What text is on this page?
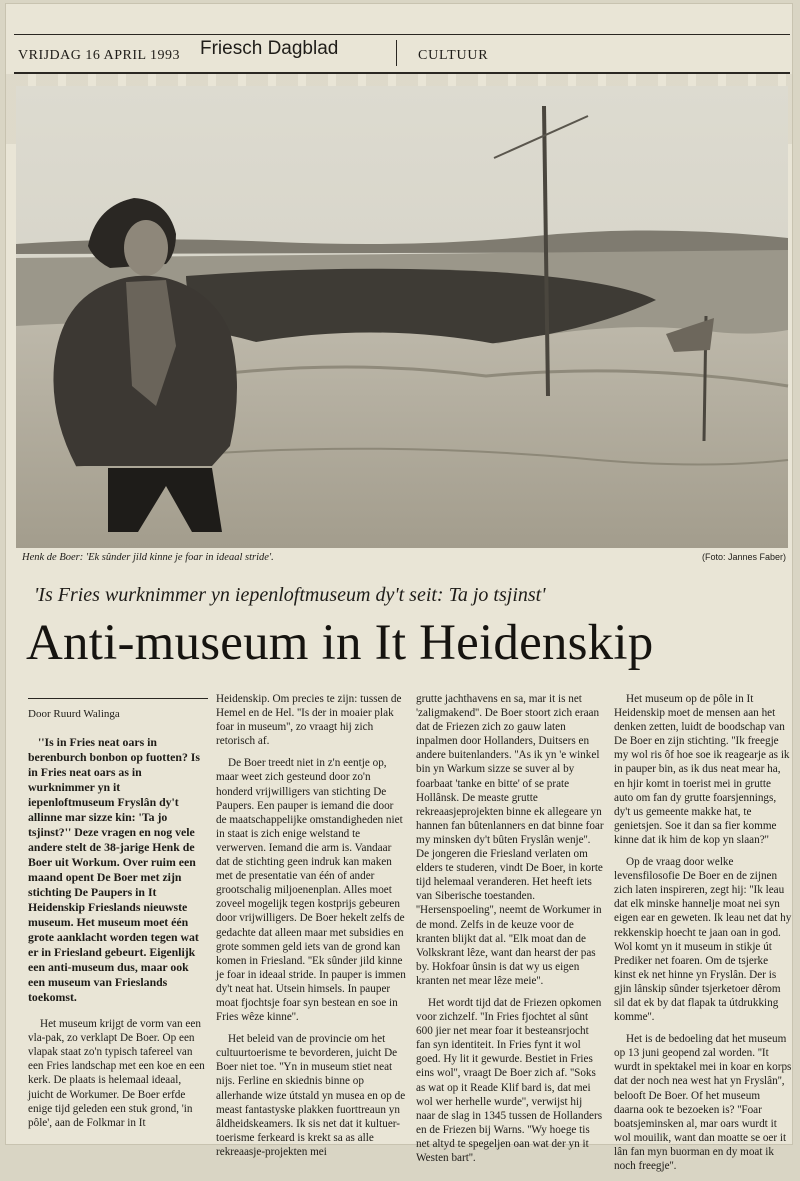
VRIJDAG 16 APRIL 1993 Friesch Dagblad	CULTUUR
Henk de Boer: 'Ek sûnder jild kinne je foar in ideaal stride'.	(Foto: Jannes Faber)
'Is Fries wurknimmer yn iepenloftmuseum dy't seit: Ta jo tsjinst'
Anti-museum in It Heidenskip
Door Ruurd Walinga

''Is in Fries neat oars in berenburch bonbon op fuotten? Is in Fries neat oars as in wurknimmer yn it iepenloftmuseum Fryslân dy't allinne mar sizze kin: 'Ta jo tsjinst?'' Deze vragen en nog vele andere stelt de 38-jarige Henk de Boer uit Workum. Over ruim een maand opent De Boer met zijn stichting De Paupers in It Heidenskip Frieslands nieuwste museum. Het museum moet één grote aanklacht worden tegen wat er in Friesland gebeurt. Eigenlijk een anti-museum dus, maar ook een museum van Frieslands toekomst.

Het museum krijgt de vorm van een vla-pak, zo verklapt De Boer. Op een vlapak staat zo'n typisch tafereel van een Fries landschap met een koe en een kerk. De plaats is helemaal ideaal, juicht de Workumer. De Boer erfde enige tijd geleden een stuk grond, 'in pôle', aan de Folkmar in It

Heidenskip. Om precies te zijn: tussen de Hemel en de Hel. ''Is der in moaier plak foar in museum'', zo vraagt hij zich retorisch af.

De Boer treedt niet in z'n eentje op, maar weet zich gesteund door zo'n honderd vrijwilligers van stichting De Paupers. Een pauper is iemand die door de maatschappelijke omstandigheden niet in staat is zich enige welstand te verwerven. Iemand die arm is. Vandaar dat de stichting geen indruk kan maken met de presentatie van één of ander grootschalig miljoenenplan. Alles moet zoveel mogelijk tegen kostprijs gebeuren door vrijwilligers. De Boer hekelt zelfs de gedachte dat alleen maar met subsidies en grote sommen geld iets van de grond kan komen in Friesland. ''Ek sûnder jild kinne je foar in ideaal stride. In pauper is immen dy't neat hat. Utsein himsels. In pauper moat fjochtsje foar syn bestean en soe in Fries wêze kinne''.

Het beleid van de provincie om het cultuurtoerisme te bevorderen, juicht De Boer niet toe. ''Yn in museum stiet neat nijs. Ferline en skiednis binne op allerhande wize útstald yn musea en op de meast fantastyske plakken fuorttreaun yn âldheidskeamers. Ik sis net dat it kultuer-toerisme ferkeard is krekt sa as alle rekreaasje-projekten mei

grutte jachthavens en sa, mar it is net 'zaligmakend''. De Boer stoort zich eraan dat de Friezen zich zo gauw laten inpalmen door Hollanders, Duitsers en andere buitenlanders. ''As ik yn 'e winkel bin yn Warkum sizze se suver al by foarbaat 'tanke en bitte' of se prate Hollânsk. De measte grutte rekreaasjeprojekten binne ek allegeare yn hannen fan bûtenlanners en dat binne foar my minsken dy't bûten Fryslân wenje''. De jongeren die Friesland verlaten om elders te studeren, vindt De Boer, in korte tijd helemaal veranderen. Het heeft iets van Siberische toestanden. ''Hersenspoeling'', neemt de Workumer in de mond. Zelfs in de keuze voor de kranten blijkt dat al. ''Elk moat dan de Volkskrant lêze, want dan hearst der pas by. Hokfoar ûnsin is dat wy us eigen kranten net mear lêze meie''.

Het wordt tijd dat de Friezen opkomen voor zichzelf. ''In Fries fjochtet al sûnt 600 jier net mear foar it besteansrjocht fan syn identiteit. In Fries fynt it wol goed. Hy lit it gewurde. Bestiet in Fries eins wol'', vraagt De Boer zich af. ''Soks as wat op it Reade Klif bard is, dat mei wol wer herhelle wurde'', verwijst hij naar de slag in 1345 tussen de Hollanders en de Friezen bij Warns. ''Wy hoege tis net altyd te spegeljen oan wat der yn it Westen bart''.

Het museum op de pôle in It Heidenskip moet de mensen aan het denken zetten, luidt de boodschap van De Boer en zijn stichting. ''Ik freegje my wol ris ôf hoe soe ik reagearje as ik in pauper bin, as ik dus neat mear ha, en hjir komt in toerist mei in grutte auto om fan dy grutte foarsjennings, dy't us gemeente makke hat, te genietsjen. Soe it dan sa fier komme kinne dat ik him de kop yn slaan?''

Op de vraag door welke levensfilosofie De Boer en de zijnen zich laten inspireren, zegt hij: ''Ik leau dat elk minske hannelje moat nei syn eigen ear en geweten. Ik leau net dat hy rekkenskip hoecht te jaan oan in god. Wol komt yn it museum in stikje út Prediker net foaren. Om de tsjerke kinst ek net hinne yn Fryslân. Der is gjin lânskip sûnder tsjerketoer dêrom sil dat ek by dat flapak ta útdrukking komme''.

Het is de bedoeling dat het museum op 13 juni geopend zal worden. ''It wurdt in spektakel mei in koar en korps dat der noch nea west hat yn Fryslân'', belooft De Boer. Of het museum daarna ook te bezoeken is? ''Foar boatsjeminsken al, mar oars wurdt it wol mouilik, want dan moatte se oer it lân fan myn buorman en dy moat ik noch freegje''.
